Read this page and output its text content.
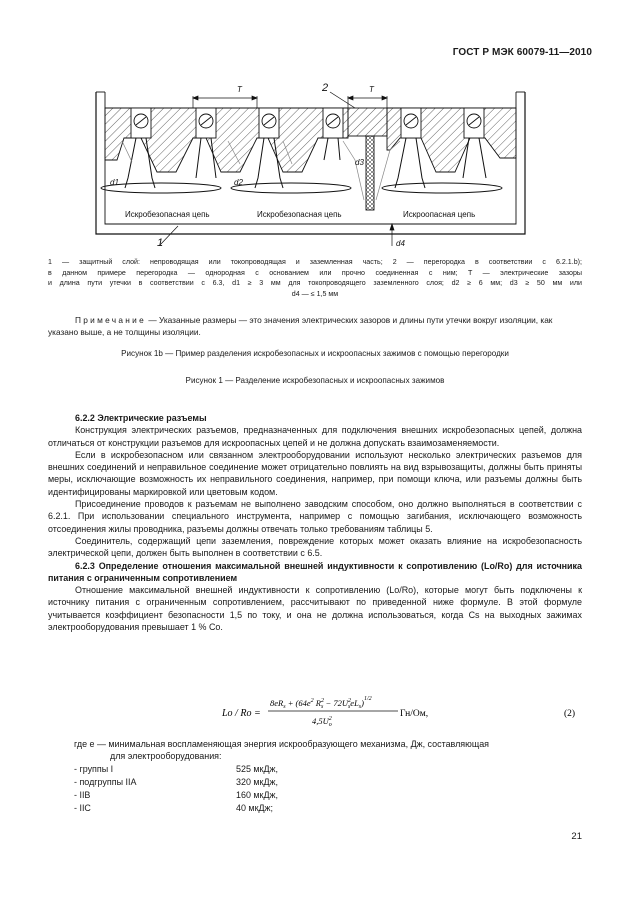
ГОСТ Р МЭК 60079-11—2010
T	T
2
1
d1	d2
d3
d4
Искробезопасная цепь	Искробезопасная цепь	Искроопасная цепь

1 — защитный слой: непроводящая или токопроводящая и заземленная часть; 2 — перегородка в соответствии с 6.2.1.b);

в данном примере перегородка — однородная с основанием или прочно соединенная с ним; T — электрические зазоры

и длина пути утечки в соответствии с 6.3, d1 ≥ 3 мм для токопроводящего заземленного слоя; d2 ≥ 6 мм; d3 ≥ 50 мм или

d4 — ≤ 1,5 мм

Примечание — Указанные размеры — это значения электрических зазоров и длины пути утечки вокруг изоляции, как указано выше, а не толщины изоляции.

Рисунок 1b — Пример разделения искробезопасных и искроопасных зажимов с помощью перегородки
Рисунок 1 — Разделение искробезопасных и искроопасных зажимов

6.2.2 Электрические разъемы

Конструкция электрических разъемов, предназначенных для подключения внешних искробезопасных цепей, должна отличаться от конструкции разъемов для искроопасных цепей и не должна допускать взаимозаменяемости.

Если в искробезопасном или связанном электрооборудовании используют несколько электрических разъемов для внешних соединений и неправильное соединение может отрицательно повлиять на вид взрывозащиты, должны быть приняты меры, исключающие возможность их неправильного соединения, например, при помощи ключа, или разъемы должны быть идентифицированы маркировкой или цветовым кодом.

Присоединение проводов к разъемам не выполнено заводским способом, оно должно выполняться в соответствии с 6.2.1. При использовании специального инструмента, например с помощью загибания, исключающего возможность отсоединения жилы проводника, разъемы должны отвечать только требованиям таблицы 5.

Соединитель, содержащий цепи заземления, повреждение которых может оказать влияние на искробезопасность электрической цепи, должен быть выполнен в соответствии с 6.5.

6.2.3 Определение отношения максимальной внешней индуктивности к сопротивлению (Lo/Ro) для источника питания с ограниченным сопротивлением

Отношение максимальной внешней индуктивности к сопротивлению (Lo/Ro), которые могут быть подключены к источнику питания с ограниченным сопротивлением, рассчитывают по приведенной ниже формуле. В этой формуле учитывается коэффициент безопасности 1,5 по току, и она не должна использоваться, когда Cs на выходных зажимах электрооборудования превышает 1 % Co.

Lo / Ro =
$8eR_s + (64e^2$ $R^2$ $s - 72U^2$ seL$_s$)$^{1/2}$
$4,5U^2$ o
Гн/Ом,	(2)
где e — минимальная воспламеняющая энергия искрообразующего механизма, Дж, составляющая
для электрооборудования:
- группы I	525 мкДж,
- подгруппы IIA	320 мкДж,
- IIB	160 мкДж,
- IIC	40 мкДж;
21
